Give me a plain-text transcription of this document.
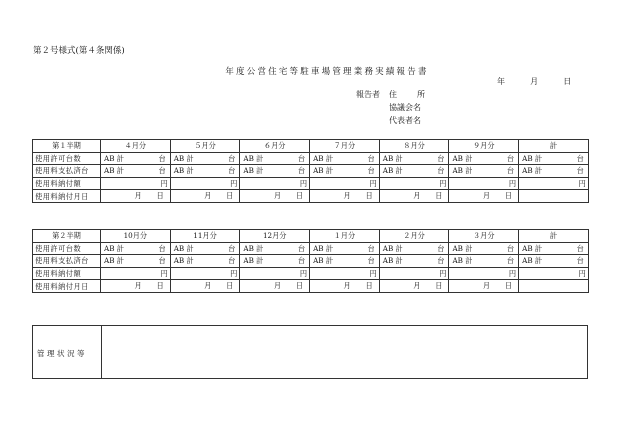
第２号様式(第４条関係)
年度公営住宅等駐車場管理業務実績報告書
年	月	日
報告者 住　所
協議会名
代表者名
第１半期	４月分	５月分	６月分	７月分	８月分	９月分	計
使用許可台数	AB 計 台	AB 計 台	AB 計 台	AB 計 台	AB 計 台	AB 計 台	AB 計 台

使用料支払済台	AB 計 台	AB 計 台	AB 計 台	AB 計 台	AB 計 台	AB 計 台	AB 計 台

使用料納付額	円	円	円	円	円	円	円
使用料納付月日	月 日	月 日	月 日	月 日	月 日	月 日	

第２半期	10月分	11月分	12月分	１月分	２月分	３月分	計
使用許可台数	AB 計 台	AB 計 台	AB 計 台	AB 計 台	AB 計 台	AB 計 台	AB 計 台

使用料支払済台	AB 計 台	AB 計 台	AB 計 台	AB 計 台	AB 計 台	AB 計 台	AB 計 台

使用料納付額	円	円	円	円	円	円	円
使用料納付月日	月 日	月 日	月 日	月 日	月 日	月 日	

管理状況等
